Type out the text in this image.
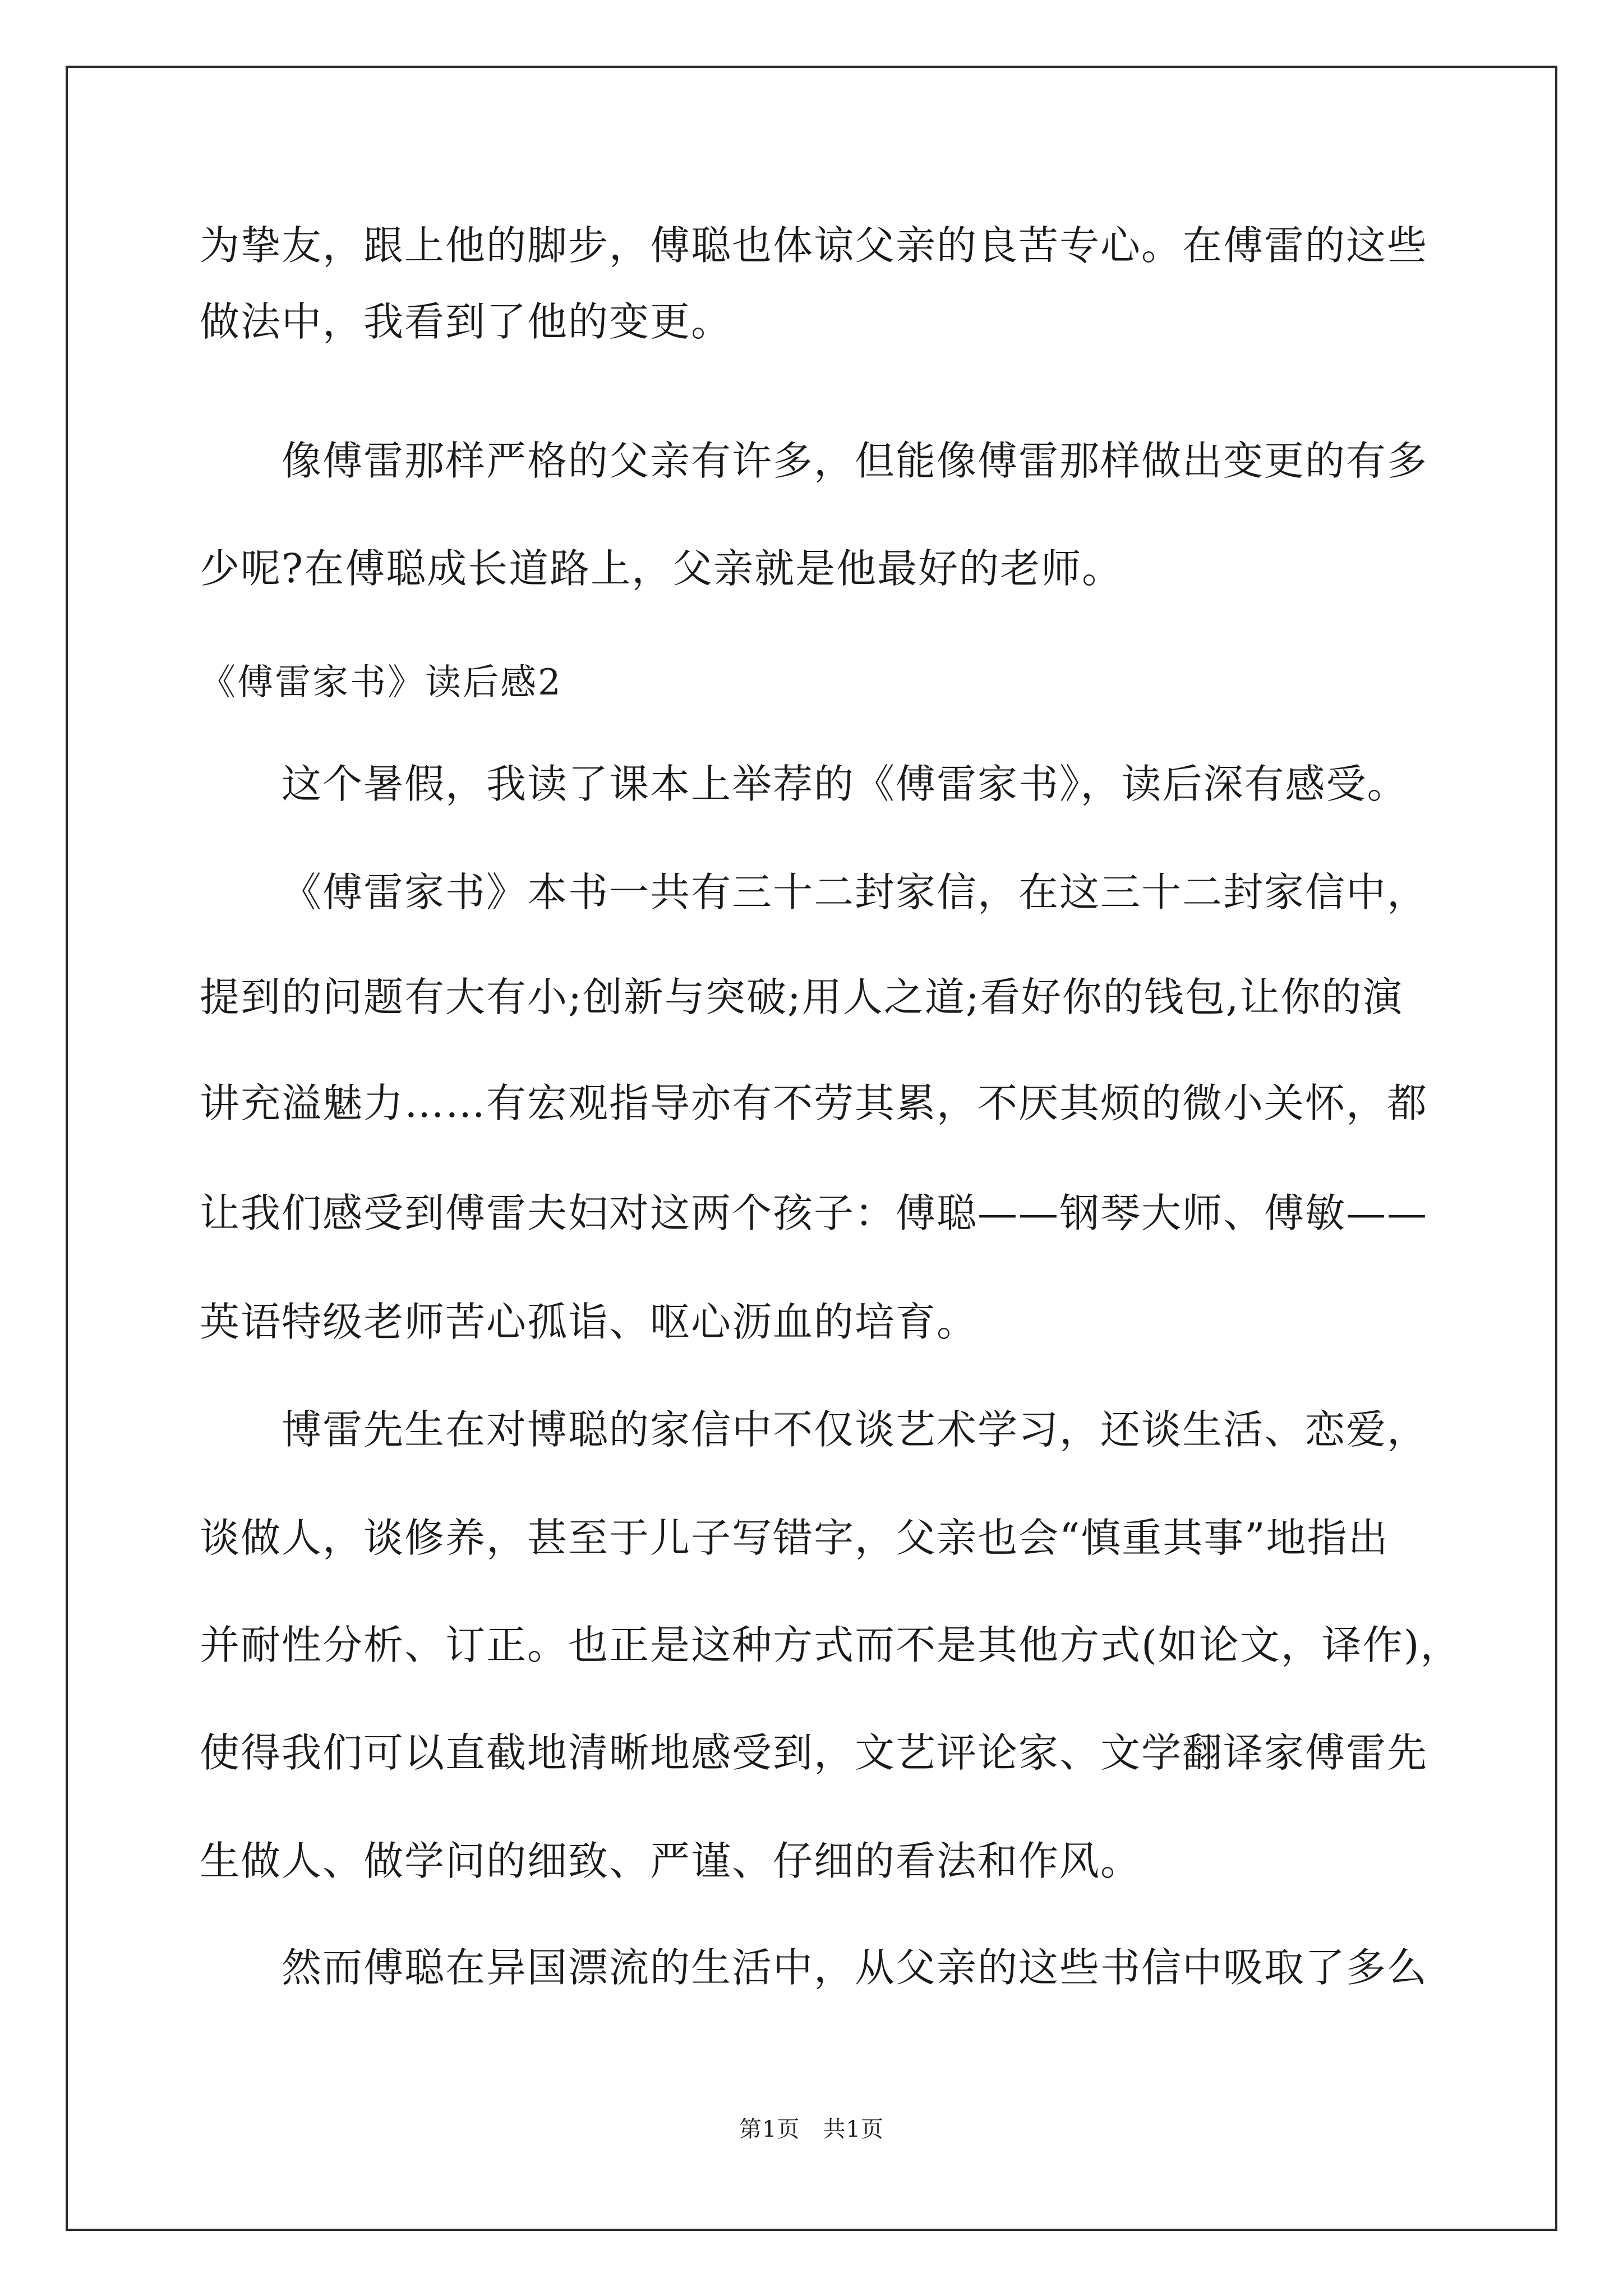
为挚友，跟上他的脚步，傅聪也体谅父亲的良苦专心。在傅雷的这些
做法中，我看到了他的变更。
像傅雷那样严格的父亲有许多，但能像傅雷那样做出变更的有多
少呢?在傅聪成长道路上，父亲就是他最好的老师。
《傅雷家书》读后感2
这个暑假，我读了课本上举荐的《傅雷家书》，读后深有感受。
《傅雷家书》本书一共有三十二封家信，在这三十二封家信中，
提到的问题有大有小;创新与突破;用人之道;看好你的钱包,让你的演
讲充溢魅力……有宏观指导亦有不劳其累，不厌其烦的微小关怀，都
让我们感受到傅雷夫妇对这两个孩子：傅聪——钢琴大师、傅敏——
英语特级老师苦心孤诣、呕心沥血的培育。
博雷先生在对博聪的家信中不仅谈艺术学习，还谈生活、恋爱，
谈做人，谈修养，甚至于儿子写错字，父亲也会“慎重其事”地指出
并耐性分析、订正。也正是这种方式而不是其他方式(如论文，译作)，
使得我们可以直截地清晰地感受到，文艺评论家、文学翻译家傅雷先
生做人、做学问的细致、严谨、仔细的看法和作风。
然而傅聪在异国漂流的生活中，从父亲的这些书信中吸取了多么
第1页　共1页
